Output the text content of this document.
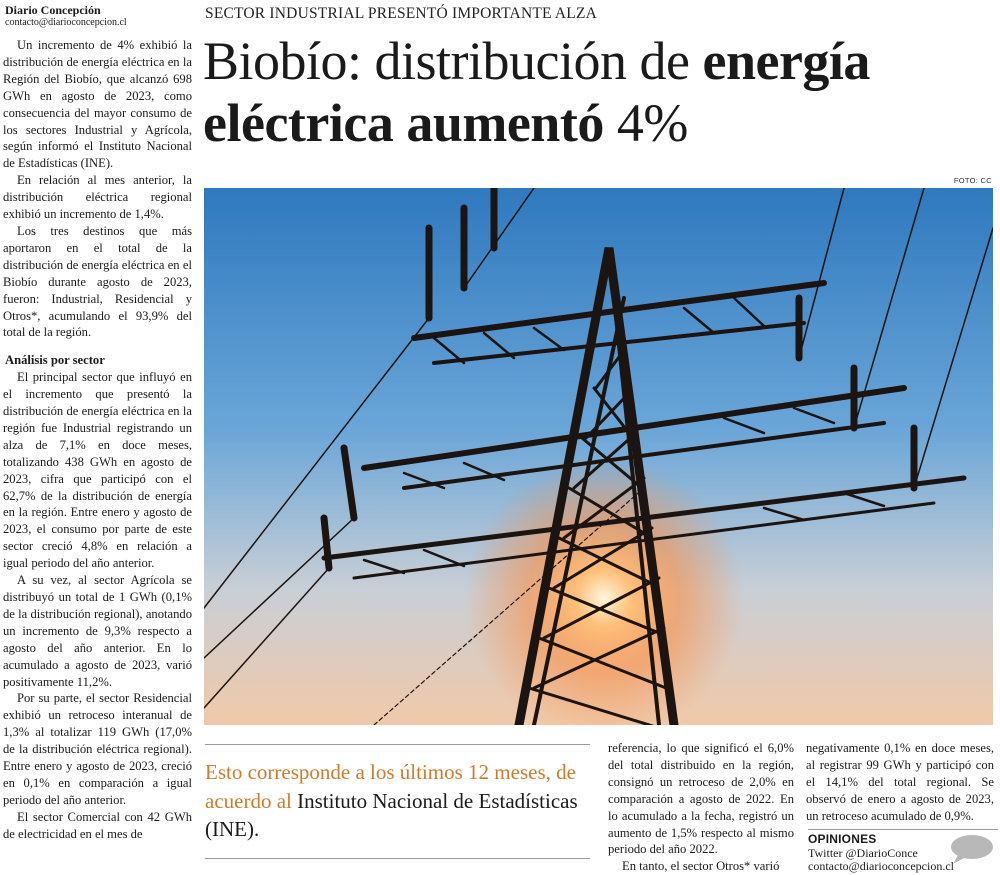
Diario Concepción
contacto@diarioconcepcion.cl

Un incremento de 4% exhibió la distribución de energía eléctrica en la Región del Biobío, que alcanzó 698 GWh en agosto de 2023, como consecuencia del mayor consumo de los sectores Industrial y Agrícola, según informó el Instituto Nacional de Estadísticas (INE).

En relación al mes anterior, la distribución eléctrica regional exhibió un incremento de 1,4%.

Los tres destinos que más aportaron en el total de la distribución de energía eléctrica en el Biobío durante agosto de 2023, fueron: Industrial, Residencial y Otros*, acumulando el 93,9% del total de la región.

Análisis por sector

El principal sector que influyó en el incremento que presentó la distribución de energía eléctrica en la región fue Industrial registrando un alza de 7,1% en doce meses, totalizando 438 GWh en agosto de 2023, cifra que participó con el 62,7% de la distribución de energía en la región. Entre enero y agosto de 2023, el consumo por parte de este sector creció 4,8% en relación a igual periodo del año anterior.

A su vez, al sector Agrícola se distribuyó un total de 1 GWh (0,1% de la distribución regional), anotando un incremento de 9,3% respecto a agosto del año anterior. En lo acumulado a agosto de 2023, varió positivamente 11,2%.

Por su parte, el sector Residencial exhibió un retroceso interanual de 1,3% al totalizar 119 GWh (17,0% de la distribución eléctrica regional). Entre enero y agosto de 2023, creció en 0,1% en comparación a igual periodo del año anterior.

El sector Comercial con 42 GWh de electricidad en el mes de

SECTOR INDUSTRIAL PRESENTÓ IMPORTANTE ALZA
Biobío: distribución de energía
eléctrica aumentó 4%
FOTO: CC
Esto corresponde a los últimos 12 meses, de acuerdo al Instituto Nacional de Estadísticas (INE).

referencia, lo que significó el 6,0% del total distribuido en la región, consignó un retroceso de 2,0% en comparación a agosto de 2022. En lo acumulado a la fecha, registró un aumento de 1,5% respecto al mismo periodo del año 2022.

En tanto, el sector Otros* varió

negativamente 0,1% en doce meses, al registrar 99 GWh y participó con el 14,1% del total regional. Se observó de enero a agosto de 2023, un retroceso acumulado de 0,9%.

OPINIONES
Twitter @DiarioConce
contacto@diarioconcepcion.cl
